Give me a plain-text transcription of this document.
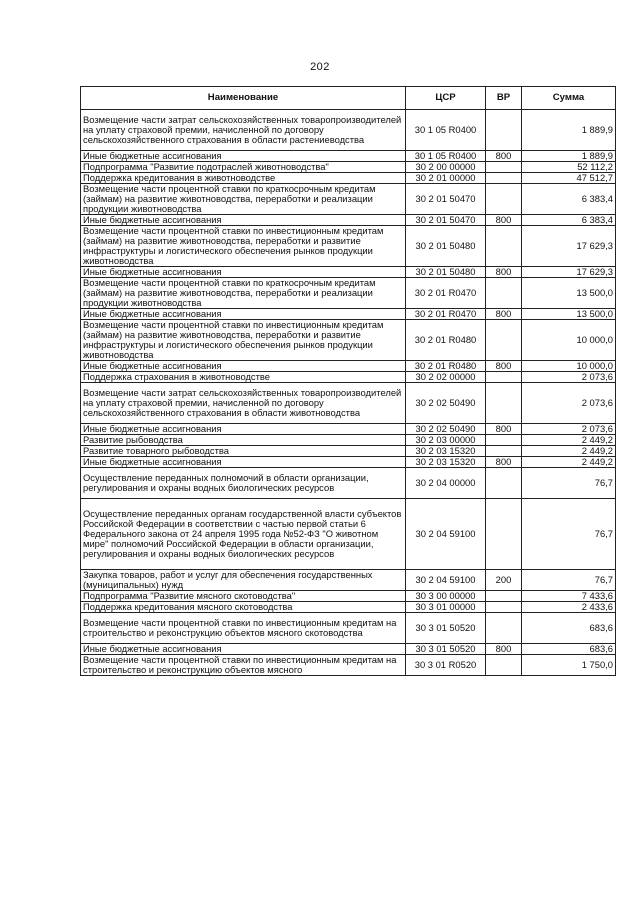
202
Наименование	ЦСР	ВР	Сумма
Возмещение части затрат сельскохозяйственных товаропроизводителей на уплату страховой премии, начисленной по договору сельскохозяйственного страхования в области растениеводства	30 1 05 R0400		1 889,9
Иные бюджетные ассигнования	30 1 05 R0400	800	1 889,9
Подпрограмма "Развитие подотраслей животноводства"	30 2 00 00000		52 112,2
Поддержка кредитования в животноводстве	30 2 01 00000		47 512,7
Возмещение части процентной ставки по краткосрочным кредитам (займам) на развитие животноводства, переработки и реализации продукции животноводства	30 2 01 50470		6 383,4
Иные бюджетные ассигнования	30 2 01 50470	800	6 383,4
Возмещение части процентной ставки по инвестиционным кредитам (займам) на развитие животноводства, переработки и развитие инфраструктуры и логистического обеспечения рынков продукции животноводства	30 2 01 50480		17 629,3
Иные бюджетные ассигнования	30 2 01 50480	800	17 629,3
Возмещение части процентной ставки по краткосрочным кредитам (займам) на развитие животноводства, переработки и реализации продукции животноводства	30 2 01 R0470		13 500,0
Иные бюджетные ассигнования	30 2 01 R0470	800	13 500,0
Возмещение части процентной ставки по инвестиционным кредитам (займам) на развитие животноводства, переработки и развитие инфраструктуры и логистического обеспечения рынков продукции животноводства	30 2 01 R0480		10 000,0
Иные бюджетные ассигнования	30 2 01 R0480	800	10 000,0
Поддержка страхования в животноводстве	30 2 02 00000		2 073,6
Возмещение части затрат сельскохозяйственных товаропроизводителей на уплату страховой премии, начисленной по договору сельскохозяйственного страхования в области животноводства	30 2 02 50490		2 073,6
Иные бюджетные ассигнования	30 2 02 50490	800	2 073,6
Развитие рыбоводства	30 2 03 00000		2 449,2
Развитие товарного рыбоводства	30 2 03 15320		2 449,2
Иные бюджетные ассигнования	30 2 03 15320	800	2 449,2
Осуществление переданных полномочий в области организации, регулирования и охраны водных биологических ресурсов	30 2 04 00000		76,7
Осуществление переданных органам государственной власти субъектов Российской Федерации в соответствии с частью первой статьи 6 Федерального закона от 24 апреля 1995 года №52-ФЗ "О животном мире" полномочий Российской Федерации в области организации, регулирования и охраны водных биологических ресурсов	30 2 04 59100		76,7
Закупка товаров, работ и услуг для обеспечения государственных (муниципальных) нужд	30 2 04 59100	200	76,7
Подпрограмма "Развитие мясного скотоводства"	30 3 00 00000		7 433,6
Поддержка кредитования мясного скотоводства	30 3 01 00000		2 433,6
Возмещение части процентной ставки по инвестиционным кредитам на строительство и реконструкцию объектов мясного скотоводства	30 3 01 50520		683,6
Иные бюджетные ассигнования	30 3 01 50520	800	683,6
Возмещение части процентной ставки по инвестиционным кредитам на строительство и реконструкцию объектов мясного	30 3 01 R0520		1 750,0
